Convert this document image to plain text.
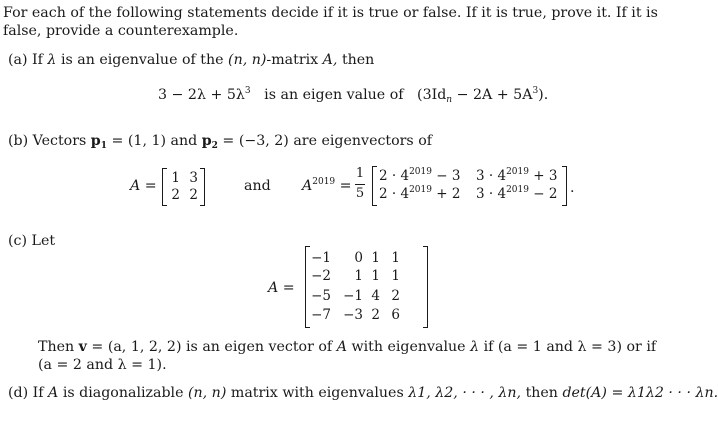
For each of the following statements decide if it is true or false. If it is true, prove it. If it is
false, provide a counterexample.
(a) If λ is an eigenvalue of the (n, n)-matrix A, then
$3 - 2\lambda + 5\lambda^3$ is an eigen value of $(3Id_n - 2A + 5A^3)$.
(b) Vectors $p_1 = (1$, 1) and $p_2 = (-3$, 2) are eigenvectors of
A = 1 3
2 2
and $A^{2019}$ =
1
5
$2 \cdot 4^{2019} - 3$ $3 \cdot 4^{2019} + 3$
$2 \cdot 4^{2019} + 2$ $3 \cdot 4^{2019} - 2$ .
(c) Let
A =
−1	0 1 1
−2	1 1 1
−5 −1 4 2
−7 −3 2 6
Then v = (a, 1, 2, 2) is an eigen vector of A with eigenvalue λ if (a = 1 and λ = 3) or if
(a = 2 and λ = 1).
(d) If A is diagonalizable (n, n) matrix with eigenvalues λ1, λ2, · · · , λn, then det(A) = λ1λ2 · · · λn.
